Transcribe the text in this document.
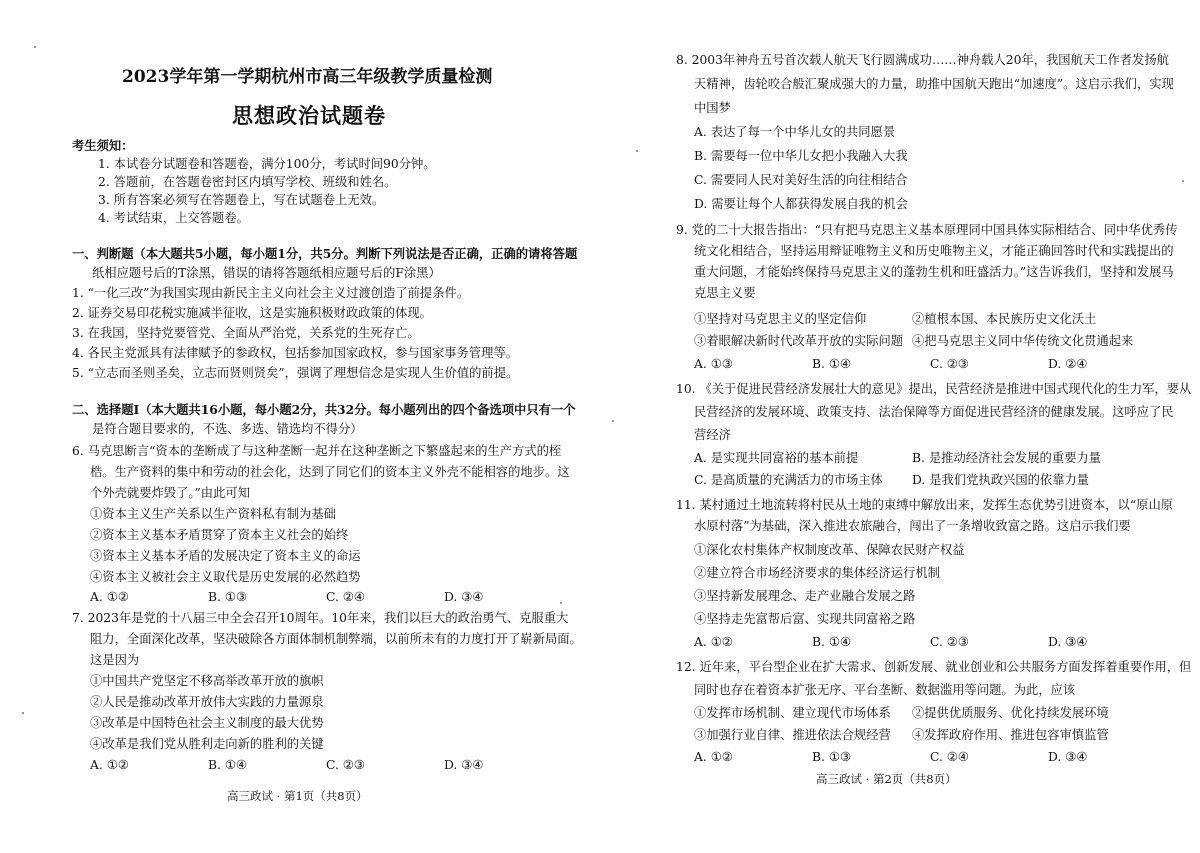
2023学年第一学期杭州市高三年级教学质量检测
思想政治试题卷
考生须知：
1. 本试卷分试题卷和答题卷，满分100分，考试时间90分钟。
2. 答题前，在答题卷密封区内填写学校、班级和姓名。
3. 所有答案必须写在答题卷上，写在试题卷上无效。
4. 考试结束，上交答题卷。
一、判断题（本大题共5小题，每小题1分，共5分。判断下列说法是否正确，正确的请将答题
纸相应题号后的T涂黑，错误的请将答题纸相应题号后的F涂黑）
1. “一化三改”为我国实现由新民主主义向社会主义过渡创造了前提条件。
2. 证券交易印花税实施减半征收，这是实施积极财政政策的体现。
3. 在我国，坚持党要管党、全面从严治党，关系党的生死存亡。
4. 各民主党派具有法律赋予的参政权，包括参加国家政权，参与国家事务管理等。
5. “立志而圣则圣矣，立志而贤则贤矣”，强调了理想信念是实现人生价值的前提。
二、选择题Ⅰ（本大题共16小题，每小题2分，共32分。每小题列出的四个备选项中只有一个
是符合题目要求的，不选、多选、错选均不得分）
6. 马克思断言“资本的垄断成了与这种垄断一起并在这种垄断之下繁盛起来的生产方式的桎
梏。生产资料的集中和劳动的社会化，达到了同它们的资本主义外壳不能相容的地步。这
个外壳就要炸毁了。”由此可知
①资本主义生产关系以生产资料私有制为基础
②资本主义基本矛盾贯穿了资本主义社会的始终
③资本主义基本矛盾的发展决定了资本主义的命运
④资本主义被社会主义取代是历史发展的必然趋势
A. ①②	B. ①③	C. ②④	D. ③④
7. 2023年是党的十八届三中全会召开10周年。10年来，我们以巨大的政治勇气、克服重大
阻力，全面深化改革，坚决破除各方面体制机制弊端，以前所未有的力度打开了崭新局面。
这是因为
①中国共产党坚定不移高举改革开放的旗帜
②人民是推动改革开放伟大实践的力量源泉
③改革是中国特色社会主义制度的最大优势
④改革是我们党从胜利走向新的胜利的关键
A. ①②	B. ①④	C. ②③	D. ③④
高三政试 · 第1页（共8页）
8. 2003年神舟五号首次载人航天飞行圆满成功……神舟载人20年，我国航天工作者发扬航
天精神，齿轮咬合般汇聚成强大的力量，助推中国航天跑出“加速度”。这启示我们，实现
中国梦
A. 表达了每一个中华儿女的共同愿景
B. 需要每一位中华儿女把小我融入大我
C. 需要同人民对美好生活的向往相结合
D. 需要让每个人都获得发展自我的机会
9. 党的二十大报告指出：“只有把马克思主义基本原理同中国具体实际相结合、同中华优秀传
统文化相结合，坚持运用辩证唯物主义和历史唯物主义，才能正确回答时代和实践提出的
重大问题，才能始终保持马克思主义的蓬勃生机和旺盛活力。”这告诉我们，坚持和发展马
克思主义要
①坚持对马克思主义的坚定信仰	②植根本国、本民族历史文化沃土
③着眼解决新时代改革开放的实际问题 ④把马克思主义同中华传统文化贯通起来
A. ①③	B. ①④	C. ②③	D. ②④
10. 《关于促进民营经济发展壮大的意见》提出，民营经济是推进中国式现代化的生力军，要从
民营经济的发展环境、政策支持、法治保障等方面促进民营经济的健康发展。这呼应了民
营经济
A. 是实现共同富裕的基本前提	B. 是推动经济社会发展的重要力量
C. 是高质量的充满活力的市场主体 D. 是我们党执政兴国的依靠力量
11. 某村通过土地流转将村民从土地的束缚中解放出来，发挥生态优势引进资本，以“原山原
水原村落”为基础，深入推进农旅融合，闯出了一条增收致富之路。这启示我们要
①深化农村集体产权制度改革、保障农民财产权益
②建立符合市场经济要求的集体经济运行机制
③坚持新发展理念、走产业融合发展之路
④坚持走先富帮后富、实现共同富裕之路
A. ①②	B. ①④	C. ②③	D. ③④
12. 近年来，平台型企业在扩大需求、创新发展、就业创业和公共服务方面发挥着重要作用，但
同时也存在着资本扩张无序、平台垄断、数据滥用等问题。为此，应该
①发挥市场机制、建立现代市场体系 ②提供优质服务、优化持续发展环境
③加强行业自律、推进依法合规经营 ④发挥政府作用、推进包容审慎监管
A. ①②	B. ①③	C. ②④	D. ③④
高三政试 · 第2页（共8页）
